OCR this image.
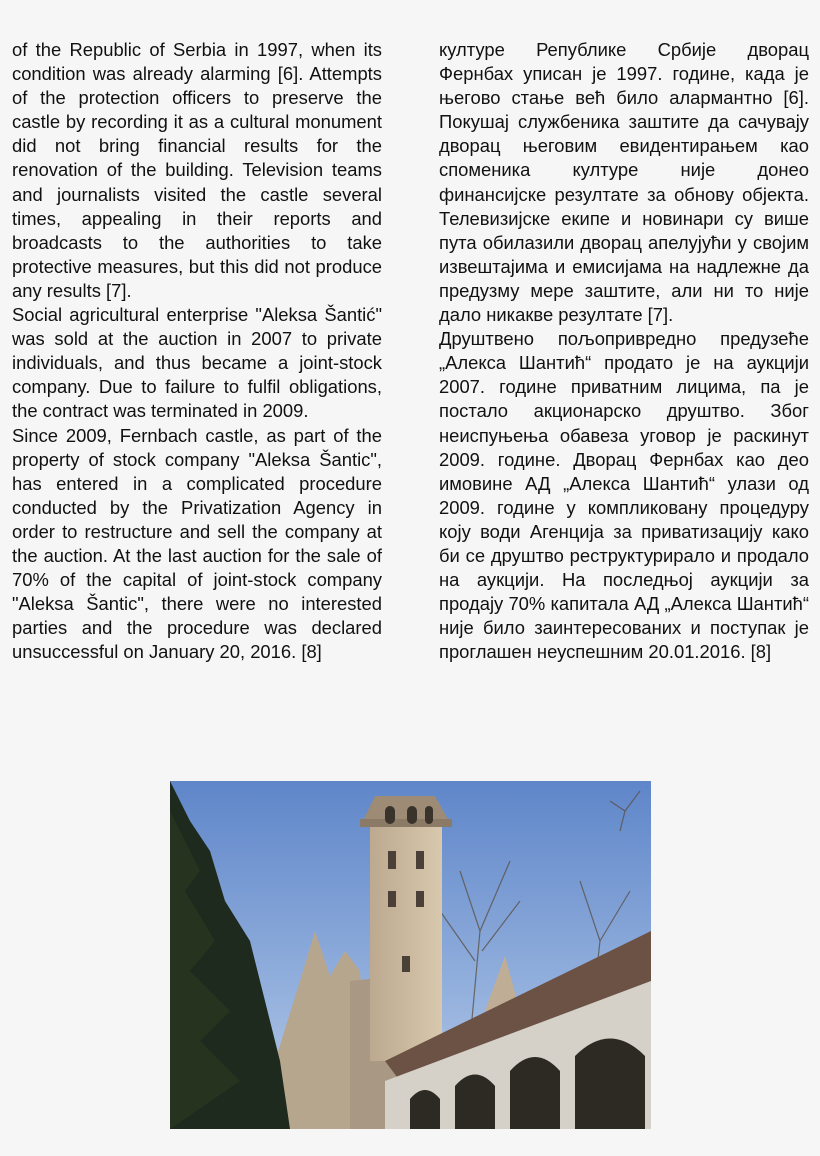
of the Republic of Serbia in 1997, when its condition was already alarming [6]. Attempts of the protection officers to preserve the castle by recording it as a cultural monument did not bring financial results for the renovation of the building. Television teams and journalists visited the castle several times, appealing in their reports and broadcasts to the authorities to take protective measures, but this did not produce any results [7].

Social agricultural enterprise "Aleksa Šantić" was sold at the auction in 2007 to private individuals, and thus became a joint-stock company. Due to failure to fulfil obligations, the contract was terminated in 2009.

Since 2009, Fernbach castle, as part of the property of stock company "Aleksa Šantic", has entered in a complicated procedure conducted by the Privatization Agency in order to restructure and sell the company at the auction. At the last auction for the sale of 70% of the capital of joint-stock company "Aleksa Šantic", there were no interested parties and the procedure was declared unsuccessful on January 20, 2016. [8]

културе Републике Србије дворац Фернбах уписан је 1997. године, када је његово стање већ било алармантно [6]. Покушај службеника заштите да сачувају дворац његовим евидентирањем као споменика културе није донео финансијске резултате за обнову објекта. Телевизијске екипе и новинари су више пута обилазили дворац апелујући у својим извештајима и емисијама на надлежне да предузму мере заштите, али ни то није дало никакве резултате [7].

Друштвено пољопривредно предузеће „Алекса Шантић“ продато је на аукцији 2007. године приватним лицима, па је постало акционарско друштво. Због неиспуњења обавеза уговор је раскинут 2009. године. Дворац Фернбах као део имовине АД „Алекса Шантић“ улази од 2009. године у компликовану процедуру коју води Агенција за приватизацију како би се друштво реструктурирало и продало на аукцији. На последњој аукцији за продају 70% капитала АД „Алекса Шантић“ није било заинтересованих и поступак је проглашен неуспешним 20.01.2016. [8]
